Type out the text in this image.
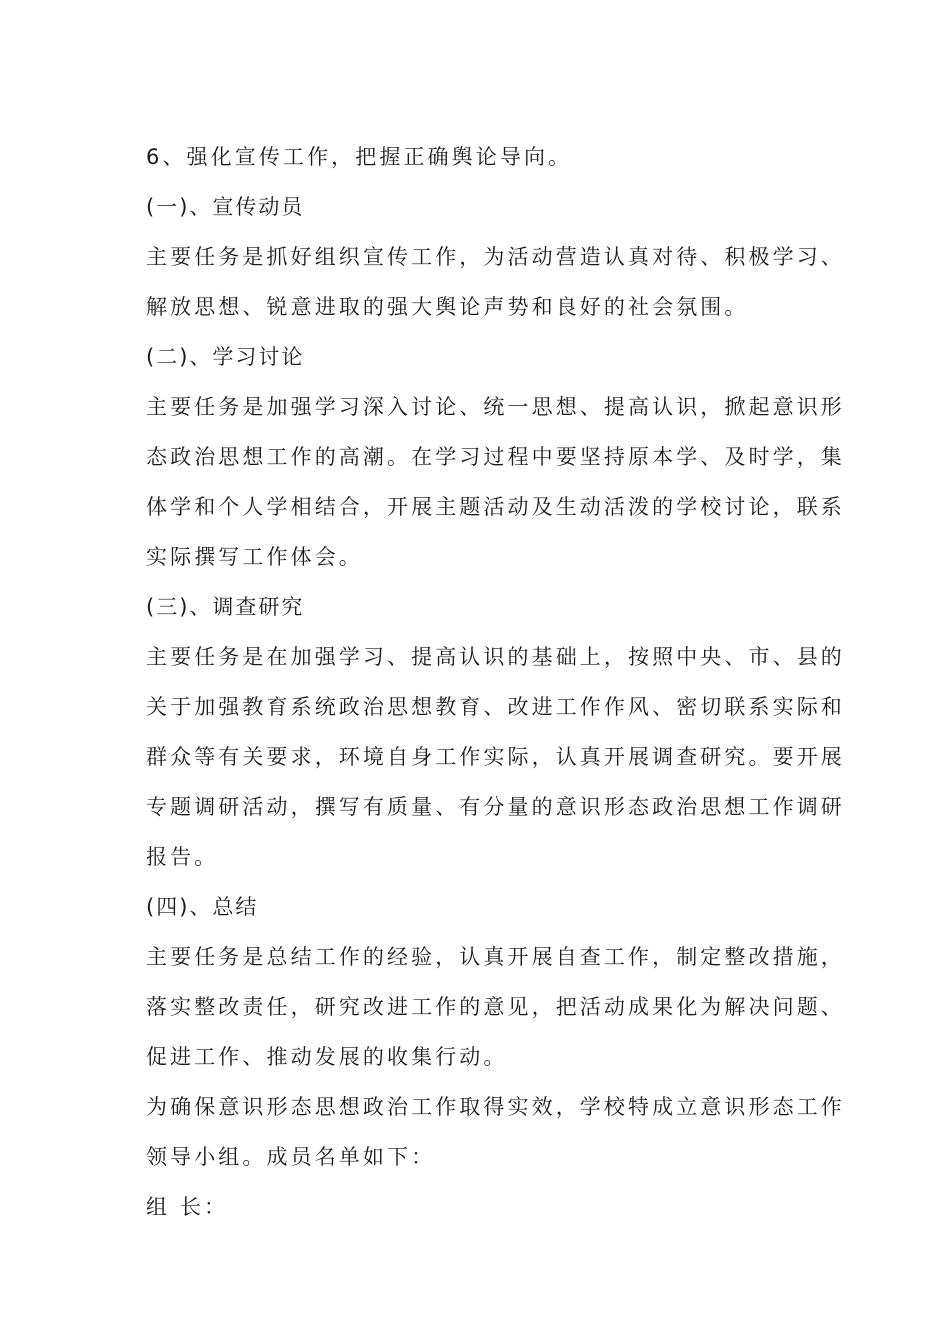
6、强化宣传工作，把握正确舆论导向。
(一)、宣传动员
主要任务是抓好组织宣传工作，为活动营造认真对待、积极学习、
解放思想、锐意进取的强大舆论声势和良好的社会氛围。
(二)、学习讨论
主要任务是加强学习深入讨论、统一思想、提高认识，掀起意识形
态政治思想工作的高潮。在学习过程中要坚持原本学、及时学，集
体学和个人学相结合，开展主题活动及生动活泼的学校讨论，联系
实际撰写工作体会。
(三)、调查研究
主要任务是在加强学习、提高认识的基础上，按照中央、市、县的
关于加强教育系统政治思想教育、改进工作作风、密切联系实际和
群众等有关要求，环境自身工作实际，认真开展调查研究。要开展
专题调研活动，撰写有质量、有分量的意识形态政治思想工作调研
报告。
(四)、总结
主要任务是总结工作的经验，认真开展自查工作，制定整改措施，
落实整改责任，研究改进工作的意见，把活动成果化为解决问题、
促进工作、推动发展的收集行动。
为确保意识形态思想政治工作取得实效，学校特成立意识形态工作
领导小组。成员名单如下：
组 长：
